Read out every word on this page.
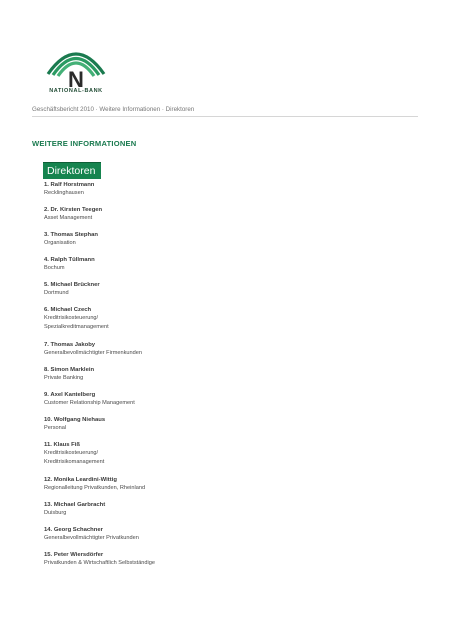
N
NATIONAL-BANK
Geschäftsbericht 2010 · Weitere Informationen · Direktoren
WEITERE INFORMATIONEN
Direktoren
1. Ralf Horstmann
Recklinghausen
2. Dr. Kirsten Teegen
Asset Management
3. Thomas Stephan
Organisation
4. Ralph Tüllmann
Bochum
5. Michael Brückner
Dortmund
6. Michael Czech
Kreditrisikosteuerung/
Spezialkreditmanagement
7. Thomas Jakoby
Generalbevollmächtigter Firmenkunden
8. Simon Marklein
Private Banking
9. Axel Kantelberg
Customer Relationship Management
10. Wolfgang Niehaus
Personal
11. Klaus Fiß
Kreditrisikosteuerung/
Kreditrisikomanagement
12. Monika Leardini-Wittig
Regionalleitung Privatkunden, Rheinland
13. Michael Garbracht
Duisburg
14. Georg Schachner
Generalbevollmächtigter Privatkunden
15. Peter Wiersdörfer
Privatkunden & Wirtschaftlich Selbstständige
